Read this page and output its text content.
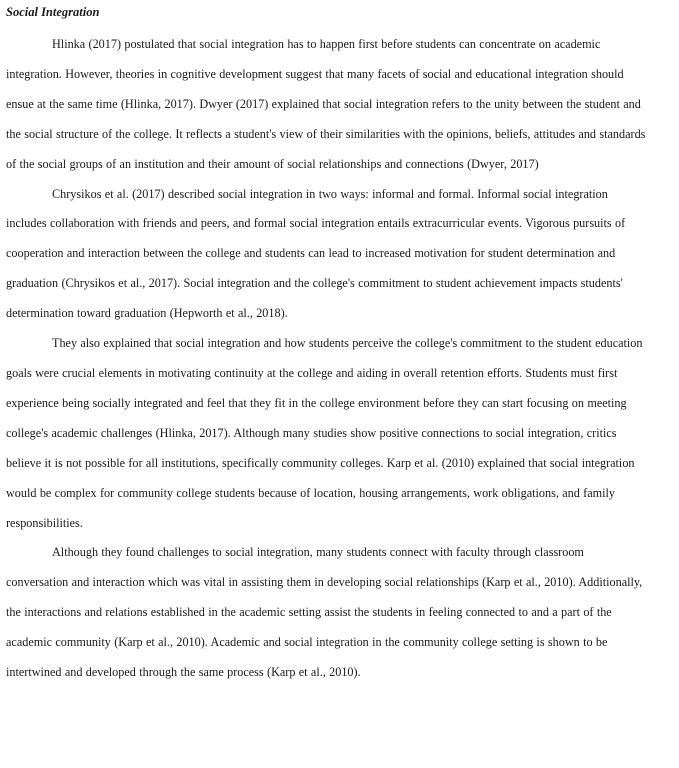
Social Integration

Hlinka (2017) postulated that social integration has to happen first before students can concentrate on academic integration. However, theories in cognitive development suggest that many facets of social and educational integration should ensue at the same time (Hlinka, 2017). Dwyer (2017) explained that social integration refers to the unity between the student and the social structure of the college. It reflects a student's view of their similarities with the opinions, beliefs, attitudes and standards of the social groups of an institution and their amount of social relationships and connections (Dwyer, 2017)

Chrysikos et al. (2017) described social integration in two ways: informal and formal. Informal social integration includes collaboration with friends and peers, and formal social integration entails extracurricular events. Vigorous pursuits of cooperation and interaction between the college and students can lead to increased motivation for student determination and graduation (Chrysikos et al., 2017). Social integration and the college's commitment to student achievement impacts students' determination toward graduation (Hepworth et al., 2018).

They also explained that social integration and how students perceive the college's commitment to the student education goals were crucial elements in motivating continuity at the college and aiding in overall retention efforts. Students must first experience being socially integrated and feel that they fit in the college environment before they can start focusing on meeting college's academic challenges (Hlinka, 2017). Although many studies show positive connections to social integration, critics believe it is not possible for all institutions, specifically community colleges. Karp et al. (2010) explained that social integration would be complex for community college students because of location, housing arrangements, work obligations, and family responsibilities.

Although they found challenges to social integration, many students connect with faculty through classroom conversation and interaction which was vital in assisting them in developing social relationships (Karp et al., 2010). Additionally, the interactions and relations established in the academic setting assist the students in feeling connected to and a part of the academic community (Karp et al., 2010). Academic and social integration in the community college setting is shown to be intertwined and developed through the same process (Karp et al., 2010).
